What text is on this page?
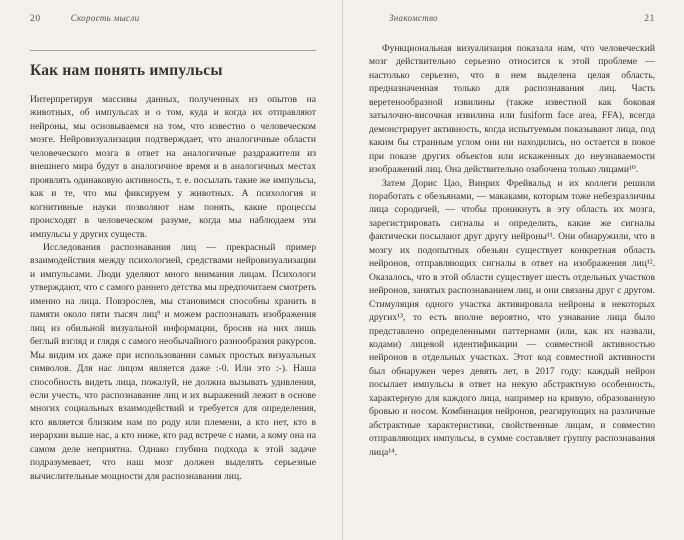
20	Скорость мысли
Как нам понять импульсы

Интерпретируя массивы данных, полученных из опытов на животных, об импульсах и о том, куда и когда их отправляют нейроны, мы основываемся на том, что известно о человеческом мозге. Нейровизуализация подтверждает, что аналогичные области человеческого мозга в ответ на аналогичные раздражители из внешнего мира будут в аналогичное время и в аналогичных местах проявлять одинаковую активность, т. е. посылать такие же импульсы, как и те, что мы фиксируем у животных. А психология и когнитивные науки позволяют нам понять, какие процессы происходят в человеческом разуме, когда мы наблюдаем эти импульсы у других существ.

Исследования распознавания лиц — прекрасный пример взаимодействия между психологией, средствами нейровизуализации и импульсами. Люди уделяют много внимания лицам. Психологи утверждают, что с самого раннего детства мы предпочитаем смотреть именно на лица. Повзрослев, мы становимся способны хранить в памяти около пяти тысяч лиц⁹ и можем распознавать изображения лиц из обильной визуальной информации, бросив на них лишь беглый взгляд и глядя с самого необычайного разнообразия ракурсов. Мы видим их даже при использовании самых простых визуальных символов. Для нас лицом является даже :-0. Или это :-). Наша способность видеть лица, пожалуй, не должна вызывать удивления, если учесть, что распознавание лиц и их выражений лежит в основе многих социальных взаимодействий и требуется для определения, кто является близким нам по роду или племени, а кто нет, кто в иерархии выше нас, а кто ниже, кто рад встрече с нами, а кому она на самом деле неприятна. Однако глубина подхода к этой задаче подразумевает, что наш мозг должен выделять серьезные вычислительные мощности для распознавания лиц.

Знакомство	21

Функциональная визуализация показала нам, что человеческий мозг действительно серьезно относится к этой проблеме — настолько серьезно, что в нем выделена целая область, предназначенная только для распознавания лиц. Часть веретенообразной извилины (также известной как боковая затылочно-височная извилина или fusiform face area, FFA), всегда демонстрирует активность, когда испытуемым показывают лица, под каким бы странным углом они ни находились, но остается в покое при показе других объектов или искаженных до неузнаваемости изображений лиц. Она действительно озабочена только лицами¹⁰.

Затем Дорис Цао, Винрих Фрейвальд и их коллеги решили поработать с обезьянами, — макаками, которым тоже небезразличны лица сородичей, — чтобы проникнуть в эту область их мозга, зарегистрировать сигналы и определить, какие же сигналы фактически посылают друг другу нейроны¹¹. Они обнаружили, что в мозгу их подопытных обезьян существует конкретная область нейронов, отправляющих сигналы в ответ на изображения лиц¹². Оказалось, что в этой области существует шесть отдельных участков нейронов, занятых распознаванием лиц, и они связаны друг с другом. Стимуляция одного участка активировала нейроны в некоторых других¹³, то есть вполне вероятно, что узнавание лица было представлено определенными паттернами (или, как их назвали, кодами) лицевой идентификации — совместной активностью нейронов в отдельных участках. Этот код совместной активности был обнаружен через девять лет, в 2017 году: каждый нейрон посылает импульсы в ответ на некую абстрактную особенность, характерную для каждого лица, например на кривую, образованную бровью и носом. Комбинация нейронов, реагирующих на различные абстрактные характеристики, свойственные лицам, и совместно отправляющих импульсы, в сумме составляет группу распознавания лица¹⁴.
